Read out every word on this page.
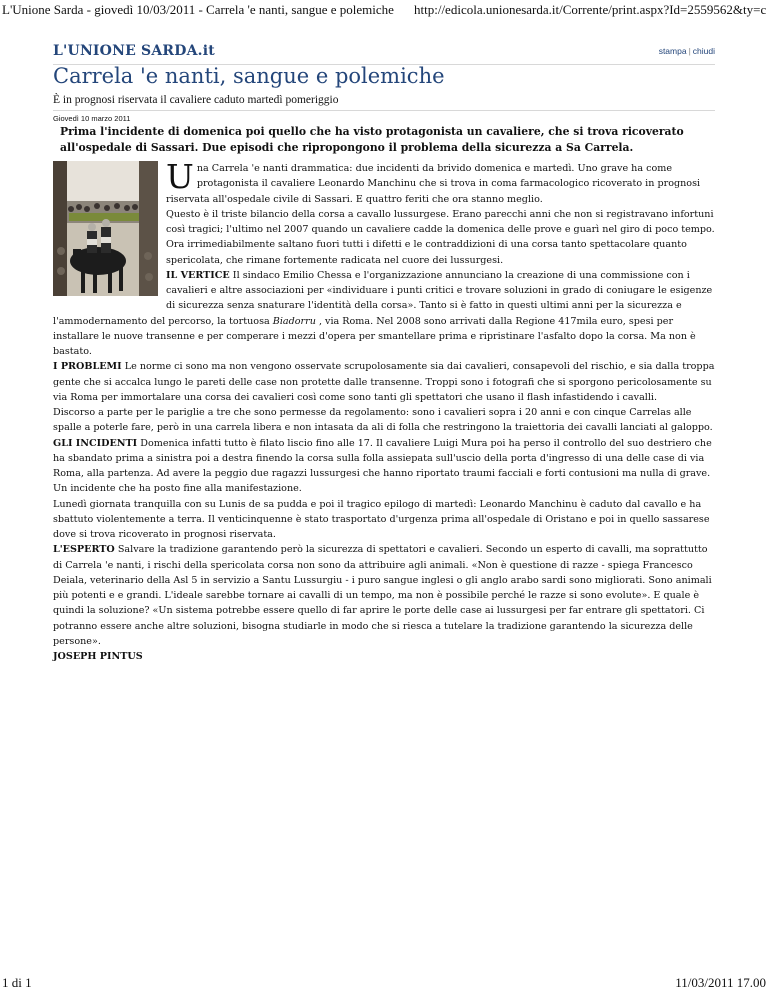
L'Unione Sarda - giovedì 10/03/2011 - Carrela 'e nanti, sangue e polemiche http://edicola.unionesarda.it/Corrente/print.aspx?Id=2559562&ty=c
L'UNIONE SARDA.it	stampa | chiudi
Carrela 'e nanti, sangue e polemiche
È in prognosi riservata il cavaliere caduto martedì pomeriggio
Giovedì 10 marzo 2011
Prima l'incidente di domenica poi quello che ha visto protagonista un cavaliere, che si trova ricoverato all'ospedale di Sassari. Due episodi che ripropongono il problema della sicurezza a Sa Carrela.

Una Carrela 'e nanti drammatica: due incidenti da brivido domenica e martedì. Uno grave ha come protagonista il cavaliere Leonardo Manchinu che si trova in coma farmacologico ricoverato in prognosi riservata all'ospedale civile di Sassari. E quattro feriti che ora stanno meglio.

Questo è il triste bilancio della corsa a cavallo lussurgese. Erano parecchi anni che non si registravano infortuni così tragici; l'ultimo nel 2007 quando un cavaliere cadde la domenica delle prove e guarì nel giro di poco tempo. Ora irrimediabilmente saltano fuori tutti i difetti e le contraddizioni di una corsa tanto spettacolare quanto spericolata, che rimane fortemente radicata nel cuore dei lussurgesi.

IL VERTICE Il sindaco Emilio Chessa e l'organizzazione annunciano la creazione di una commissione con i cavalieri e altre associazioni per «individuare i punti critici e trovare soluzioni in grado di coniugare le esigenze di sicurezza senza snaturare l'identità della corsa». Tanto si è fatto in questi ultimi anni per la sicurezza e l'ammodernamento del percorso, la tortuosa Biadorru , via Roma. Nel 2008 sono arrivati dalla Regione 417mila euro, spesi per installare le nuove transenne e per comperare i mezzi d'opera per smantellare prima e ripristinare l'asfalto dopo la corsa. Ma non è bastato.

I PROBLEMI Le norme ci sono ma non vengono osservate scrupolosamente sia dai cavalieri, consapevoli del rischio, e sia dalla troppa gente che si accalca lungo le pareti delle case non protette dalle transenne. Troppi sono i fotografi che si sporgono pericolosamente su via Roma per immortalare una corsa dei cavalieri così come sono tanti gli spettatori che usano il flash infastidendo i cavalli.

Discorso a parte per le pariglie a tre che sono permesse da regolamento: sono i cavalieri sopra i 20 anni e con cinque Carrelas alle spalle a poterle fare, però in una carrela libera e non intasata da ali di folla che restringono la traiettoria dei cavalli lanciati al galoppo.

GLI INCIDENTI Domenica infatti tutto è filato liscio fino alle 17. Il cavaliere Luigi Mura poi ha perso il controllo del suo destriero che ha sbandato prima a sinistra poi a destra finendo la corsa sulla folla assiepata sull'uscio della porta d'ingresso di una delle case di via Roma, alla partenza. Ad avere la peggio due ragazzi lussurgesi che hanno riportato traumi facciali e forti contusioni ma nulla di grave. Un incidente che ha posto fine alla manifestazione.

Lunedì giornata tranquilla con su Lunis de sa pudda e poi il tragico epilogo di martedì: Leonardo Manchinu è caduto dal cavallo e ha sbattuto violentemente a terra. Il venticinquenne è stato trasportato d'urgenza prima all'ospedale di Oristano e poi in quello sassarese dove si trova ricoverato in prognosi riservata.

L'ESPERTO Salvare la tradizione garantendo però la sicurezza di spettatori e cavalieri. Secondo un esperto di cavalli, ma soprattutto di Carrela 'e nanti, i rischi della spericolata corsa non sono da attribuire agli animali. «Non è questione di razze - spiega Francesco Deiala, veterinario della Asl 5 in servizio a Santu Lussurgiu - i puro sangue inglesi o gli anglo arabo sardi sono migliorati. Sono animali più potenti e e grandi. L'ideale sarebbe tornare ai cavalli di un tempo, ma non è possibile perché le razze si sono evolute». E quale è quindi la soluzione? «Un sistema potrebbe essere quello di far aprire le porte delle case ai lussurgesi per far entrare gli spettatori. Ci potranno essere anche altre soluzioni, bisogna studiarle in modo che si riesca a tutelare la tradizione garantendo la sicurezza delle persone».

JOSEPH PINTUS

1 di 1	11/03/2011 17.00
